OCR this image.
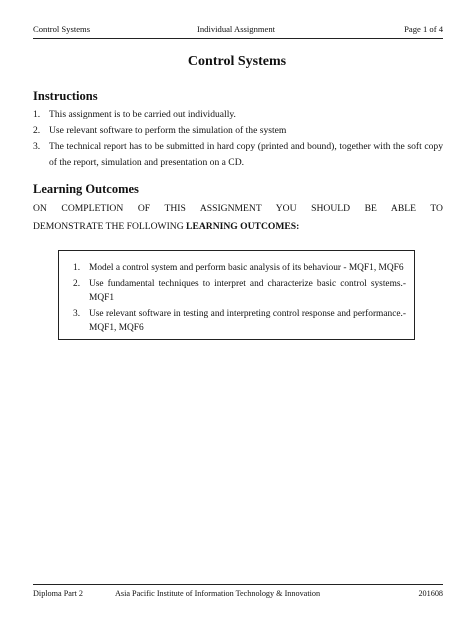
Control Systems	Individual Assignment	Page 1 of 4
Control Systems
Instructions
1. This assignment is to be carried out individually.
2. Use relevant software to perform the simulation of the system
3. The technical report has to be submitted in hard copy (printed and bound), together with the soft copy of the report, simulation and presentation on a CD.
Learning Outcomes
ON COMPLETION OF THIS ASSIGNMENT YOU SHOULD BE ABLE TO
DEMONSTRATE THE FOLLOWING LEARNING OUTCOMES:
1. Model a control system and perform basic analysis of its behaviour - MQF1, MQF6
2. Use fundamental techniques to interpret and characterize basic control systems.- MQF1
3. Use relevant software in testing and interpreting control response and performance.- MQF1, MQF6
Diploma Part 2	Asia Pacific Institute of Information Technology & Innovation	201608
